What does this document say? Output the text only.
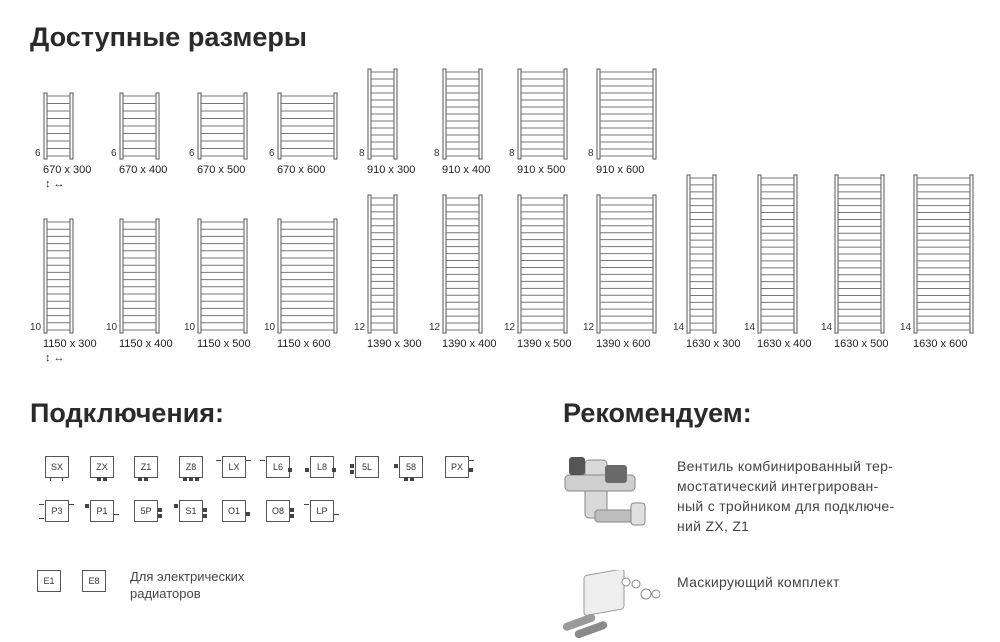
Доступные размеры
6
670 x 300
↕ ↔
6
670 x 400
6
670 x 500
6
670 x 600
8
910 x 300
8
910 x 400
8
910 x 500
8
910 x 600
10
1150 x 300
↕ ↔
10
1150 x 400
10
1150 x 500
10
1150 x 600
12
1390 x 300
12
1390 x 400
12
1390 x 500
12
1390 x 600
14
1630 x 300
14
1630 x 400
14
1630 x 500
14
1630 x 600
Подключения:
SX	ZX	Z1	Z8	LX	L6	L8	5L	58	PX
P3	P1	5P	S1	O1	O8	LP
E1	E8	Для электрических
радиаторов
Рекомендуем:
Вентиль комбинированный тер-
мостатический интегрирован-
ный с тройником для подключе-
ний ZX, Z1
Маскирующий комплект
